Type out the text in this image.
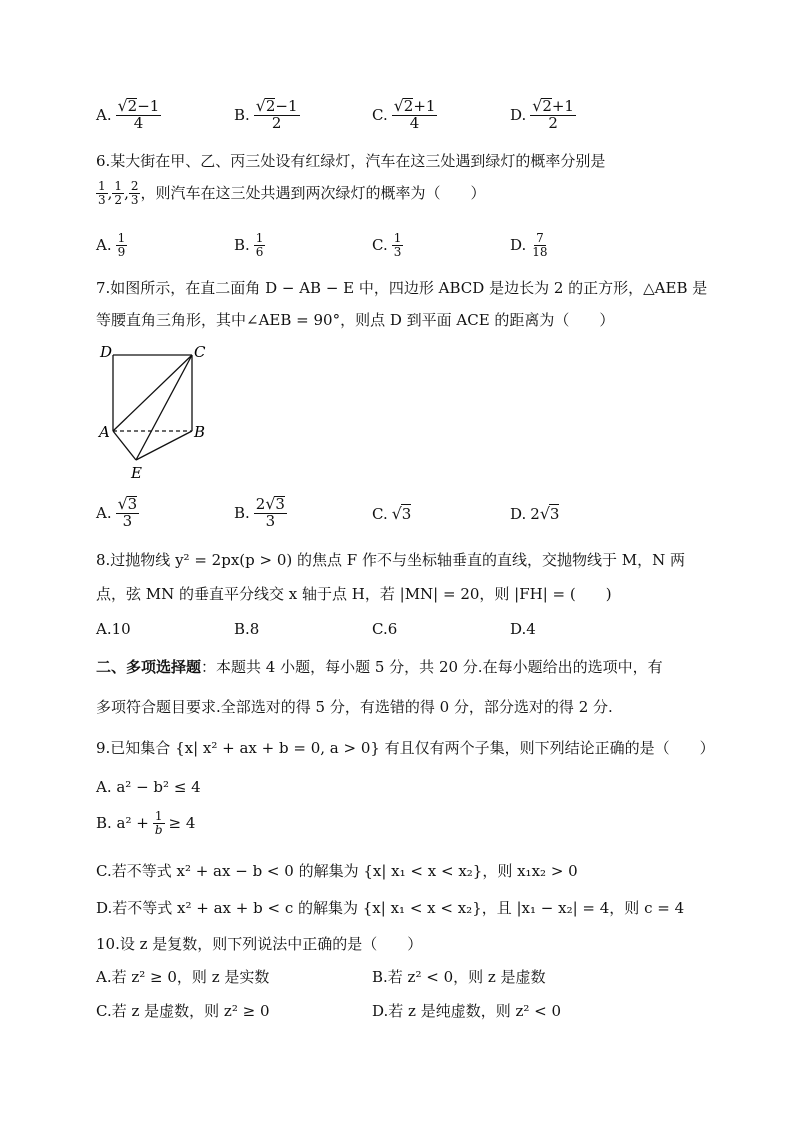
A. $\frac{√ 2 -1}{4}$	B. $\frac{√ 2 -1}{2}$	C. $\frac{√ 2 +1}{4}$	D. $\frac{√ 2 +1}{2}$
6.某大街在甲、乙、丙三处设有红绿灯，汽车在这三处遇到绿灯的概率分别是
$\frac{1}{3}$ , $\frac{1}{2}$ , $\frac{2}{3}$ ，则汽车在这三处共遇到两次绿灯的概率为（　　）
A. $\frac{1}{9}$	B. $\frac{1}{6}$	C. $\frac{1}{3}$	D. $\frac{7}{18}$
7.如图所示，在直二面角 D − AB − E 中，四边形 ABCD 是边长为 2 的正方形，△AEB 是
等腰直角三角形，其中∠AEB = 90°，则点 D 到平面 ACE 的距离为（　　）
D	C
A	B
E
A. $\frac{√ 3}{3}$	B. $\frac{2 √ 3}{3}$	C. √ 3	D. 2 √ 3
8.过抛物线 y² = 2px(p > 0) 的焦点 F 作不与坐标轴垂直的直线，交抛物线于 M，N 两
点，弦 MN 的垂直平分线交 x 轴于点 H，若 |MN| = 20，则 |FH| = (　　)
A.10	B.8	C.6	D.4
二、多项选择题：本题共 4 小题，每小题 5 分，共 20 分.在每小题给出的选项中，有
多项符合题目要求.全部选对的得 5 分，有选错的得 0 分，部分选对的得 2 分.
9.已知集合 {x| x² + ax + b = 0, a > 0} 有且仅有两个子集，则下列结论正确的是（　　）
A. a² − b² ≤ 4
B. $a^2 + \frac{1}{b} \ge 4$
C.若不等式 x² + ax − b < 0 的解集为 {x| x₁ < x < x₂}，则 x₁x₂ > 0
D.若不等式 x² + ax + b < c 的解集为 {x| x₁ < x < x₂}，且 |x₁ − x₂| = 4，则 c = 4
10.设 z 是复数，则下列说法中正确的是（　　）
A.若 z² ≥ 0，则 z 是实数	B.若 z² < 0，则 z 是虚数
C.若 z 是虚数，则 z² ≥ 0	D.若 z 是纯虚数，则 z² < 0
